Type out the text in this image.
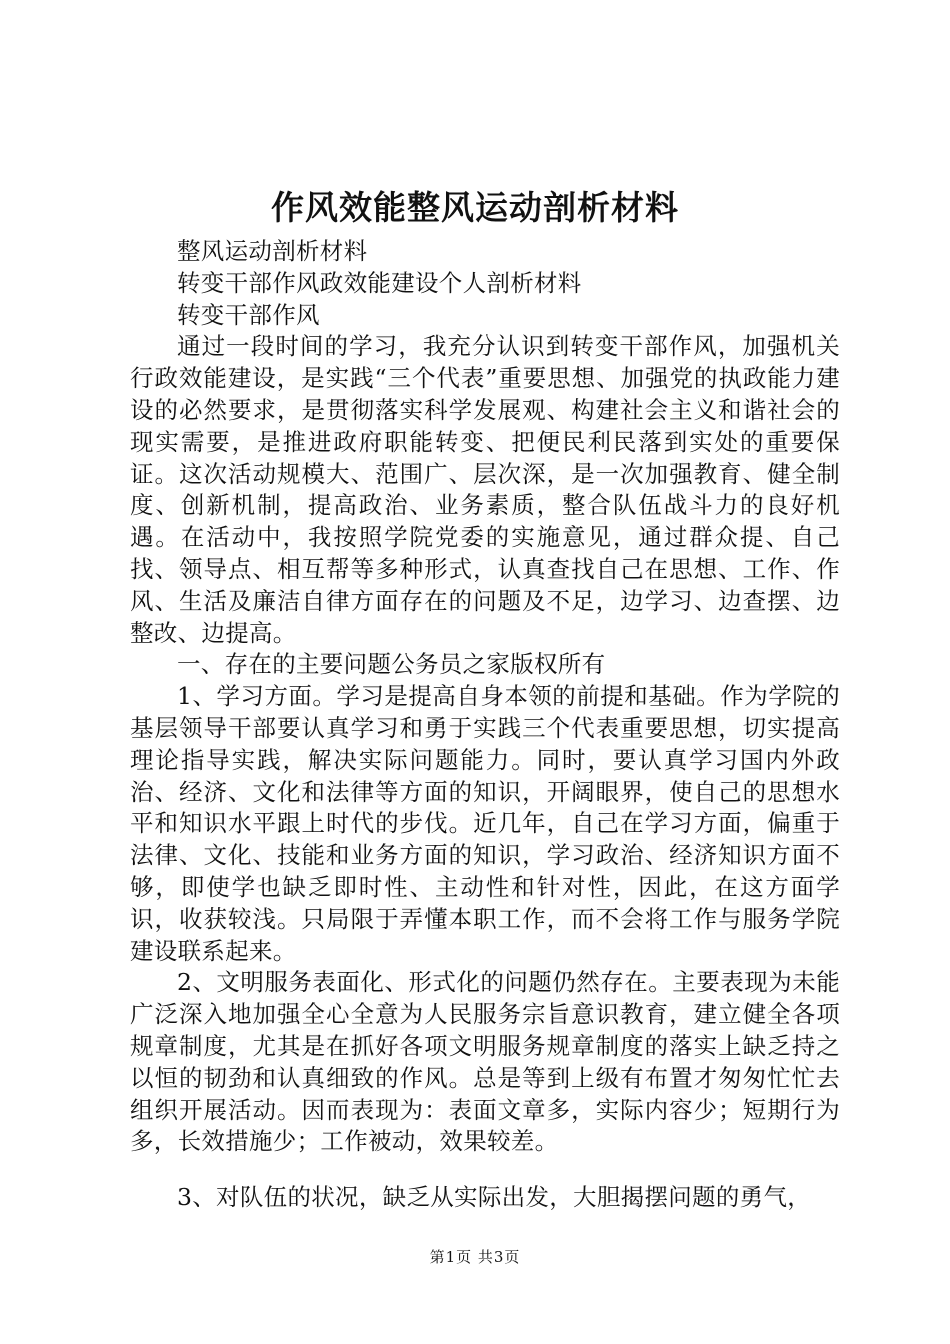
作风效能整风运动剖析材料

整风运动剖析材料

转变干部作风政效能建设个人剖析材料

转变干部作风

通过一段时间的学习，我充分认识到转变干部作风，加强机关行政效能建设，是实践“三个代表”重要思想、加强党的执政能力建设的必然要求，是贯彻落实科学发展观、构建社会主义和谐社会的现实需要，是推进政府职能转变、把便民利民落到实处的重要保证。这次活动规模大、范围广、层次深，是一次加强教育、健全制度、创新机制，提高政治、业务素质，整合队伍战斗力的良好机遇。在活动中，我按照学院党委的实施意见，通过群众提、自己找、领导点、相互帮等多种形式，认真查找自己在思想、工作、作风、生活及廉洁自律方面存在的问题及不足，边学习、边查摆、边整改、边提高。

一、存在的主要问题公务员之家版权所有

1、学习方面。学习是提高自身本领的前提和基础。作为学院的基层领导干部要认真学习和勇于实践三个代表重要思想，切实提高理论指导实践，解决实际问题能力。同时，要认真学习国内外政治、经济、文化和法律等方面的知识，开阔眼界，使自己的思想水平和知识水平跟上时代的步伐。近几年，自己在学习方面，偏重于法律、文化、技能和业务方面的知识，学习政治、经济知识方面不够，即使学也缺乏即时性、主动性和针对性，因此，在这方面学识，收获较浅。只局限于弄懂本职工作，而不会将工作与服务学院建设联系起来。

2、文明服务表面化、形式化的问题仍然存在。主要表现为未能广泛深入地加强全心全意为人民服务宗旨意识教育，建立健全各项规章制度，尤其是在抓好各项文明服务规章制度的落实上缺乏持之以恒的韧劲和认真细致的作风。总是等到上级有布置才匆匆忙忙去组织开展活动。因而表现为：表面文章多，实际内容少；短期行为多，长效措施少；工作被动，效果较差。

3、对队伍的状况，缺乏从实际出发，大胆揭摆问题的勇气，

第1页 共3页
